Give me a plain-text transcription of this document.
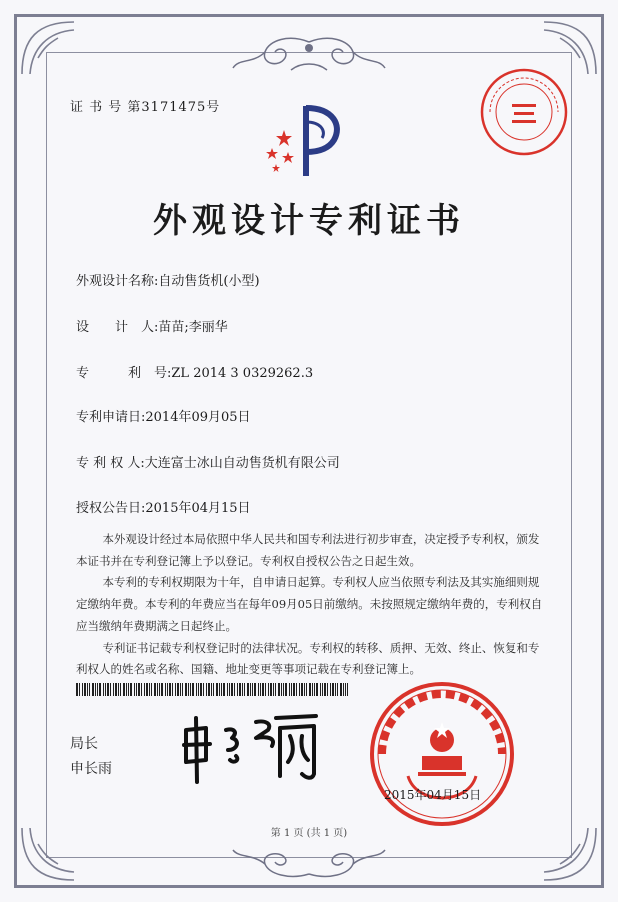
证 书 号 第3171475号
外观设计专利证书
外观设计名称:自动售货机(小型)
设　　计　人:苗苗;李丽华
专　　　利　号:ZL 2014 3 0329262.3
专利申请日:2014年09月05日
专 利 权 人:大连富士冰山自动售货机有限公司
授权公告日:2015年04月15日

本外观设计经过本局依照中华人民共和国专利法进行初步审查，决定授予专利权，颁发本证书并在专利登记簿上予以登记。专利权自授权公告之日起生效。

本专利的专利权期限为十年，自申请日起算。专利权人应当依照专利法及其实施细则规定缴纳年费。本专利的年费应当在每年09月05日前缴纳。未按照规定缴纳年费的，专利权自应当缴纳年费期满之日起终止。

专利证书记载专利权登记时的法律状况。专利权的转移、质押、无效、终止、恢复和专利权人的姓名或名称、国籍、地址变更等事项记载在专利登记簿上。

局长
申长雨
2015年04月15日
第 1 页 (共 1 页)
